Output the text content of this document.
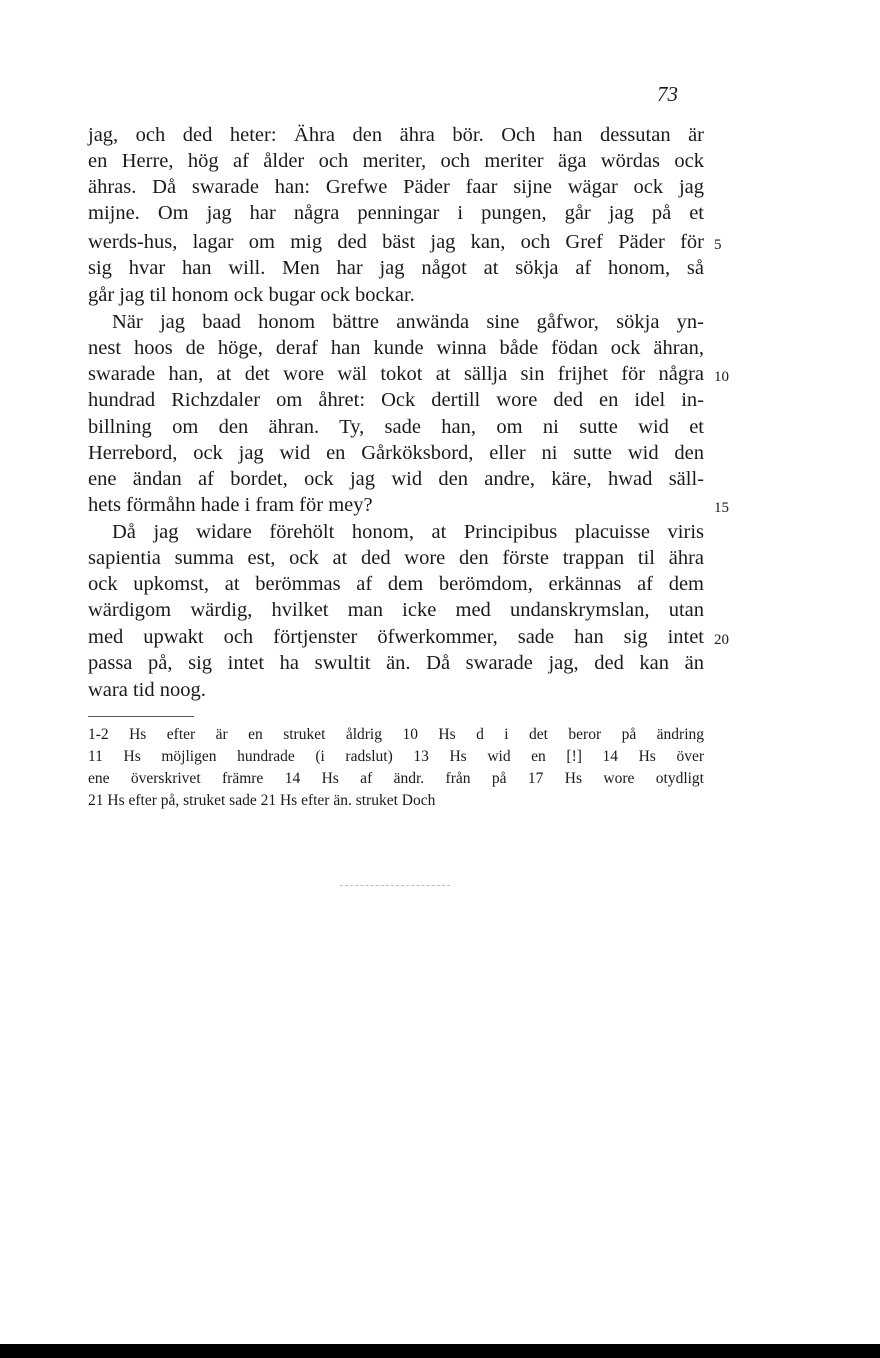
73
jag, och ded heter: Ähra den ähra bör. Och han dessutan är
en Herre, hög af ålder och meriter, och meriter äga wördas ock
ähras. Då swarade han: Grefwe Päder faar sijne wägar ock jag
mijne. Om jag har några penningar i pungen, går jag på et
werds-hus, lagar om mig ded bäst jag kan, och Gref Päder för
sig hvar han will. Men har jag något at sökja af honom, så
går jag til honom ock bugar ock bockar.
När jag baad honom bättre anwända sine gåfwor, sökja yn-
nest hoos de höge, deraf han kunde winna både födan ock ähran,
swarade han, at det wore wäl tokot at sällja sin frijhet för några
hundrad Richzdaler om åhret: Ock dertill wore ded en idel in-
billning om den ähran. Ty, sade han, om ni sutte wid et
Herrebord, ock jag wid en Gårköksbord, eller ni sutte wid den
ene ändan af bordet, ock jag wid den andre, käre, hwad säll-
hets förmåhn hade i fram för mey?
Då jag widare förehölt honom, at Principibus placuisse viris
sapientia summa est, ock at ded wore den förste trappan til ähra
ock upkomst, at berömmas af dem berömdom, erkännas af dem
wärdigom wärdig, hvilket man icke med undanskrymslan, utan
med upwakt och förtjenster öfwerkommer, sade han sig intet
passa på, sig intet ha swultit än. Då swarade jag, ded kan än
wara tid noog.
5
10
15
20
1-2 Hs efter är en struket åldrig 10 Hs d i det beror på ändring
11 Hs möjligen hundrade (i radslut) 13 Hs wid en [!] 14 Hs över
ene överskrivet främre 14 Hs af ändr. från på 17 Hs wore otydligt
21 Hs efter på, struket sade 21 Hs efter än. struket Doch
